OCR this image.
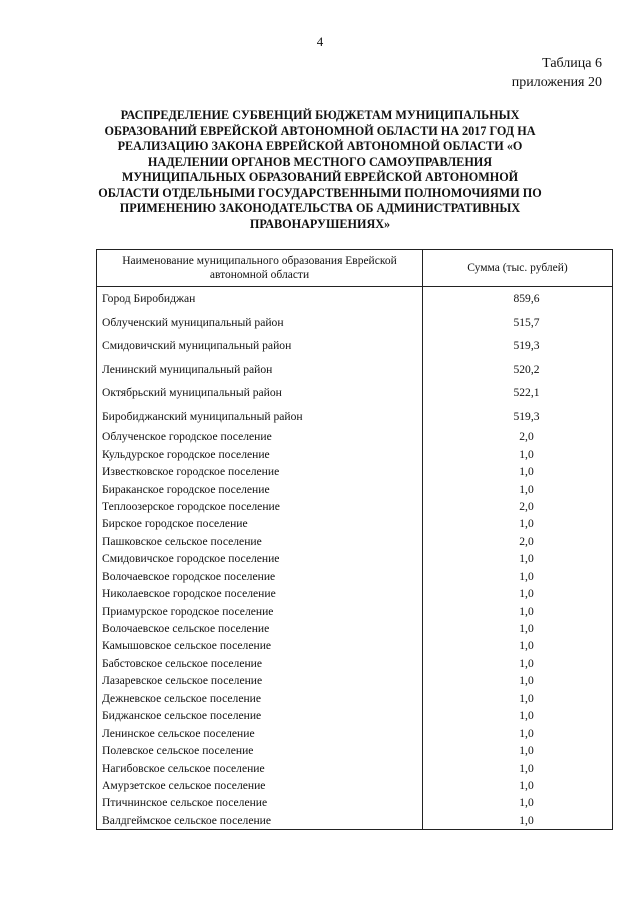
4
Таблица 6
приложения 20
РАСПРЕДЕЛЕНИЕ СУБВЕНЦИЙ БЮДЖЕТАМ МУНИЦИПАЛЬНЫХ ОБРАЗОВАНИЙ ЕВРЕЙСКОЙ АВТОНОМНОЙ ОБЛАСТИ НА 2017 ГОД НА РЕАЛИЗАЦИЮ ЗАКОНА ЕВРЕЙСКОЙ АВТОНОМНОЙ ОБЛАСТИ «О НАДЕЛЕНИИ ОРГАНОВ МЕСТНОГО САМОУПРАВЛЕНИЯ МУНИЦИПАЛЬНЫХ ОБРАЗОВАНИЙ ЕВРЕЙСКОЙ АВТОНОМНОЙ ОБЛАСТИ ОТДЕЛЬНЫМИ ГОСУДАРСТВЕННЫМИ ПОЛНОМОЧИЯМИ ПО ПРИМЕНЕНИЮ ЗАКОНОДАТЕЛЬСТВА ОБ АДМИНИСТРАТИВНЫХ ПРАВОНАРУШЕНИЯХ»
Наименование муниципального образования Еврейской автономной области	Сумма (тыс. рублей)
Город Биробиджан	859,6
Облученский муниципальный район	515,7
Смидовичский муниципальный район	519,3
Ленинский муниципальный район	520,2
Октябрьский муниципальный район	522,1
Биробиджанский муниципальный район	519,3
Облученское городское поселение	2,0
Кульдурское городское поселение	1,0
Известковское городское поселение	1,0
Бираканское городское поселение	1,0
Теплоозерское городское поселение	2,0
Бирское городское поселение	1,0
Пашковское сельское поселение	2,0
Смидовичское городское поселение	1,0
Волочаевское городское поселение	1,0
Николаевское городское поселение	1,0
Приамурское городское поселение	1,0
Волочаевское сельское поселение	1,0
Камышовское сельское поселение	1,0
Бабстовское сельское поселение	1,0
Лазаревское сельское поселение	1,0
Дежневское сельское поселение	1,0
Биджанское сельское поселение	1,0
Ленинское сельское поселение	1,0
Полевское сельское поселение	1,0
Нагибовское сельское поселение	1,0
Амурзетское сельское поселение	1,0
Птичнинское сельское поселение	1,0
Валдгеймское сельское поселение	1,0
